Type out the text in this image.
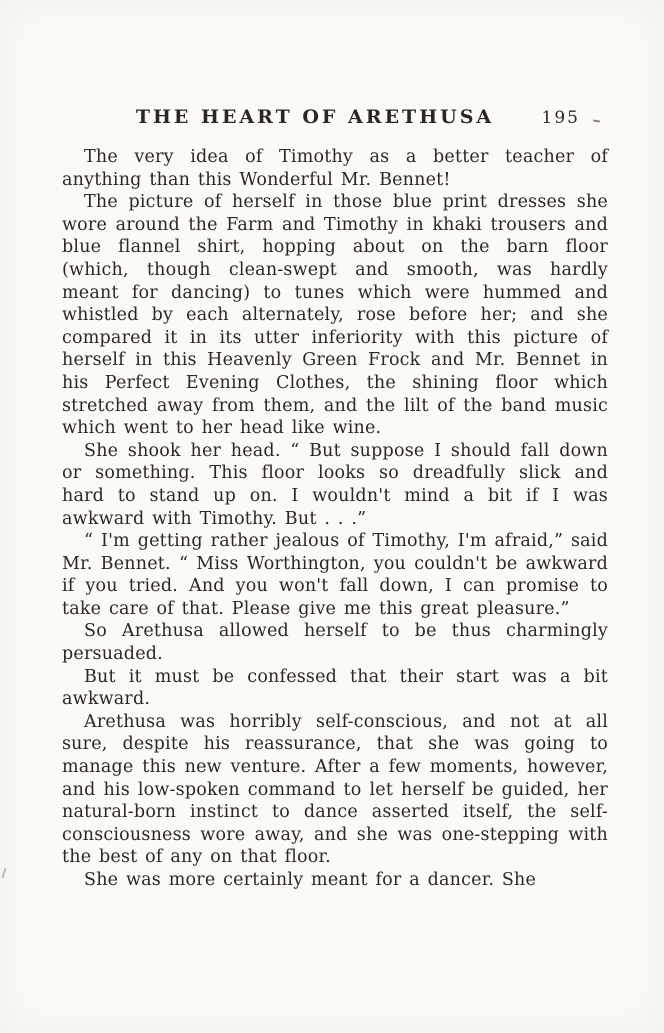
THE HEART OF ARETHUSA	195

The very idea of Timothy as a better teacher of anything than this Wonderful Mr. Bennet!

The picture of herself in those blue print dresses she wore around the Farm and Timothy in khaki trousers and blue flannel shirt, hopping about on the barn floor (which, though clean-swept and smooth, was hardly meant for dancing) to tunes which were hummed and whistled by each alternately, rose before her; and she compared it in its utter inferiority with this picture of herself in this Heavenly Green Frock and Mr. Bennet in his Perfect Evening Clothes, the shining floor which stretched away from them, and the lilt of the band music which went to her head like wine.

She shook her head. “ But suppose I should fall down or something. This floor looks so dreadfully slick and hard to stand up on. I wouldn't mind a bit if I was awkward with Timothy. But . . .”

“ I'm getting rather jealous of Timothy, I'm afraid,” said Mr. Bennet. “ Miss Worthington, you couldn't be awkward if you tried. And you won't fall down, I can promise to take care of that. Please give me this great pleasure.”

So Arethusa allowed herself to be thus charmingly persuaded.

But it must be confessed that their start was a bit awkward.

Arethusa was horribly self-conscious, and not at all sure, despite his reassurance, that she was going to manage this new venture. After a few moments, however, and his low-spoken command to let herself be guided, her natural-born instinct to dance asserted itself, the self-consciousness wore away, and she was one-stepping with the best of any on that floor.

She was more certainly meant for a dancer. She
